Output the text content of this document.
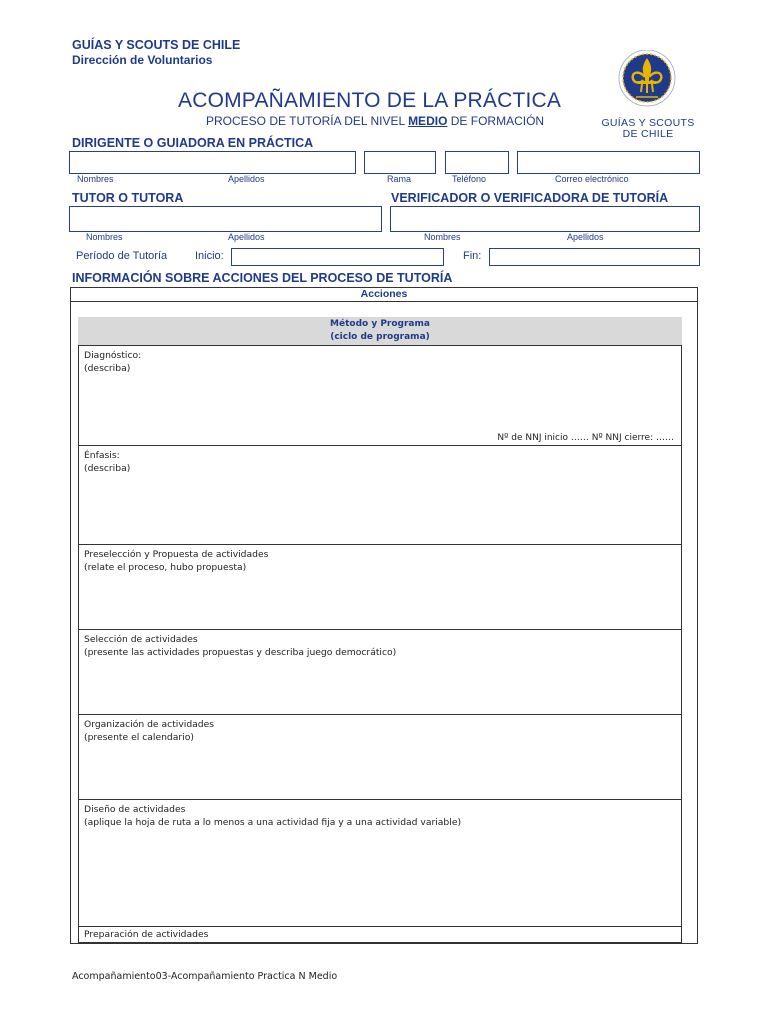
GUÍAS Y SCOUTS DE CHILE
Dirección de Voluntarios
ACOMPAÑAMIENTO DE LA PRÁCTICA
PROCESO DE TUTORÍA DEL NIVEL MEDIO DE FORMACIÓN	GUÍAS Y SCOUTS
DE CHILE
DIRIGENTE O GUIADORA EN PRÁCTICA
Nombres	Apellidos	Rama	Teléfono	Correo electrónico
TUTOR O TUTORA	VERIFICADOR O VERIFICADORA DE TUTORÍA
Nombres	Apellidos	Nombres	Apellidos
Período de Tutoría	Inicio:	Fin:
INFORMACIÓN SOBRE ACCIONES DEL PROCESO DE TUTORÍA
Acciones
Método y Programa
(ciclo de programa)
Diagnóstico:
(describa)
Nº de NNJ inicio …… Nº NNJ cierre: ……
Énfasis:
(describa)
Preselección y Propuesta de actividades
(relate el proceso, hubo propuesta)
Selección de actividades
(presente las actividades propuestas y describa juego democrático)
Organización de actividades
(presente el calendario)
Diseño de actividades
(aplique la hoja de ruta a lo menos a una actividad fija y a una actividad variable)
Preparación de actividades
Acompañamiento03-Acompañamiento Practica N Medio
